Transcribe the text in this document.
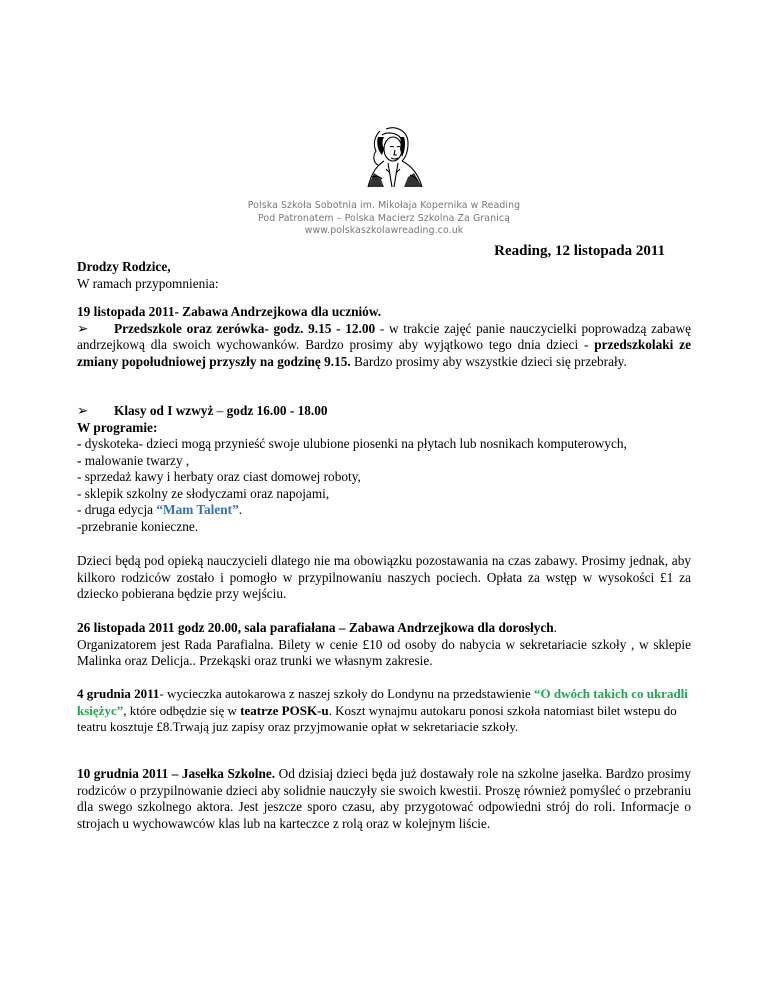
Polska Szkoła Sobotnia im. Mikołaja Kopernika w Reading
Pod Patronatem – Polska Macierz Szkolna Za Granicą
www.polskaszkolawreading.co.uk
Reading, 12 listopada 2011

Drodzy Rodzice,

W ramach przypomnienia:

19 listopada 2011- Zabawa Andrzejkowa dla uczniów.

➢ Przedszkole oraz zerówka- godz. 9.15 - 12.00 - w trakcie zajęć panie nauczycielki poprowadzą zabawę andrzejkową dla swoich wychowanków. Bardzo prosimy aby wyjątkowo tego dnia dzieci - przedszkolaki ze zmiany popołudniowej przyszły na godzinę 9.15. Bardzo prosimy aby wszystkie dzieci się przebrały.

➢ Klasy od I wzwyż – godz 16.00 - 18.00

W programie:

- dyskoteka- dzieci mogą przynieść swoje ulubione piosenki na płytach lub nosnikach komputerowych,

- malowanie twarzy ,

- sprzedaż kawy i herbaty oraz ciast domowej roboty,

- sklepik szkolny ze słodyczami oraz napojami,

- druga edycja “Mam Talent”.

-przebranie konieczne.

Dzieci będą pod opieką nauczycieli dlatego nie ma obowiązku pozostawania na czas zabawy. Prosimy jednak, aby kilkoro rodziców zostało i pomogło w przypilnowaniu naszych pociech. Opłata za wstęp w wysokości £1 za dziecko pobierana będzie przy wejściu.

26 listopada 2011 godz 20.00, sala parafiałana – Zabawa Andrzejkowa dla dorosłych.

Organizatorem jest Rada Parafialna. Bilety w cenie £10 od osoby do nabycia w sekretariacie szkoły , w sklepie Malinka oraz Delicja.. Przekąski oraz trunki we własnym zakresie.

4 grudnia 2011- wycieczka autokarowa z naszej szkoły do Londynu na przedstawienie “O dwóch takich co ukradli księżyc”, które odbędzie się w teatrze POSK-u. Koszt wynajmu autokaru ponosi szkoła natomiast bilet wstepu do teatru kosztuje £8.Trwają juz zapisy oraz przyjmowanie opłat w sekretariacie szkoły.

10 grudnia 2011 – Jasełka Szkolne. Od dzisiaj dzieci będa już dostawały role na szkolne jasełka. Bardzo prosimy rodziców o przypilnowanie dzieci aby solidnie nauczyły sie swoich kwestii. Proszę również pomyśleć o przebraniu dla swego szkolnego aktora. Jest jeszcze sporo czasu, aby przygotować odpowiedni strój do roli. Informacje o strojach u wychowawców klas lub na karteczce z rolą oraz w kolejnym liście.
